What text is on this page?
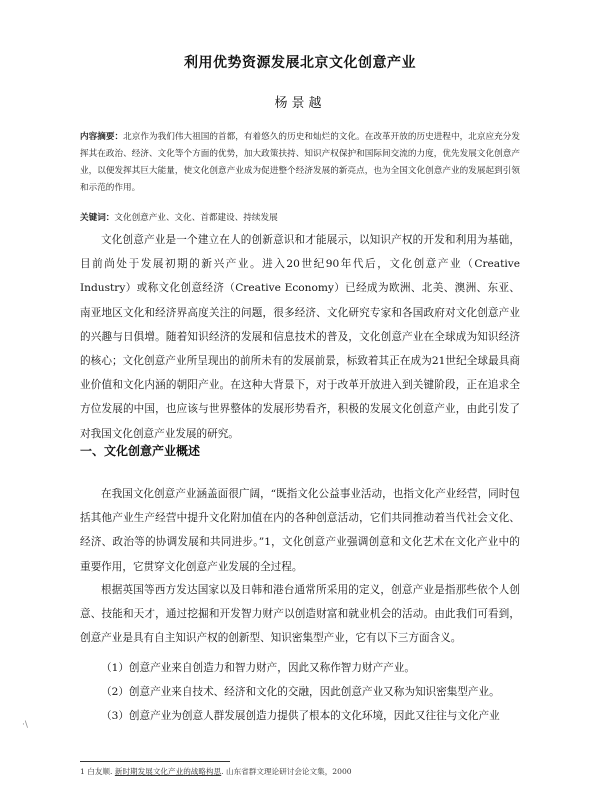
利用优势资源发展北京文化创意产业
杨景越
内容摘要：北京作为我们伟大祖国的首都，有着悠久的历史和灿烂的文化。在改革开放的历史进程中，北京应充分发挥其在政治、经济、文化等个方面的优势，加大政策扶持、知识产权保护和国际间交流的力度，优先发展文化创意产业，以便发挥其巨大能量，使文化创意产业成为促进整个经济发展的新亮点，也为全国文化创意产业的发展起到引领和示范的作用。
关键词：文化创意产业、文化、首都建设、持续发展
文化创意产业是一个建立在人的创新意识和才能展示，以知识产权的开发和利用为基础，目前尚处于发展初期的新兴产业。进入20世纪90年代后，文化创意产业（Creative Industry）或称文化创意经济（Creative Economy）已经成为欧洲、北美、澳洲、东亚、南亚地区文化和经济界高度关注的问题，很多经济、文化研究专家和各国政府对文化创意产业的兴趣与日俱增。随着知识经济的发展和信息技术的普及，文化创意产业在全球成为知识经济的核心；文化创意产业所呈现出的前所未有的发展前景，标致着其正在成为21世纪全球最具商业价值和文化内涵的朝阳产业。在这种大背景下，对于改革开放进入到关键阶段，正在追求全方位发展的中国，也应该与世界整体的发展形势看齐，积极的发展文化创意产业，由此引发了对我国文化创意产业发展的研究。
一、文化创意产业概述
在我国文化创意产业涵盖面很广阔，“既指文化公益事业活动，也指文化产业经营，同时包括其他产业生产经营中提升文化附加值在内的各种创意活动，它们共同推动着当代社会文化、经济、政治等的协调发展和共同进步。”1，文化创意产业强调创意和文化艺术在文化产业中的重要作用，它贯穿文化创意产业发展的全过程。
根据英国等西方发达国家以及日韩和港台通常所采用的定义，创意产业是指那些依个人创意、技能和天才，通过挖掘和开发智力财产以创造财富和就业机会的活动。由此我们可看到，创意产业是具有自主知识产权的创新型、知识密集型产业，它有以下三方面含义。
（1）创意产业来自创造力和智力财产，因此又称作智力财产产业。
（2）创意产业来自技术、经济和文化的交融，因此创意产业又称为知识密集型产业。
（3）创意产业为创意人群发展创造力提供了根本的文化环境，因此又往往与文化产业
·\
1 白友顺. 新时期发展文化产业的战略构思. 山东省群文理论研讨会论文集，2000
